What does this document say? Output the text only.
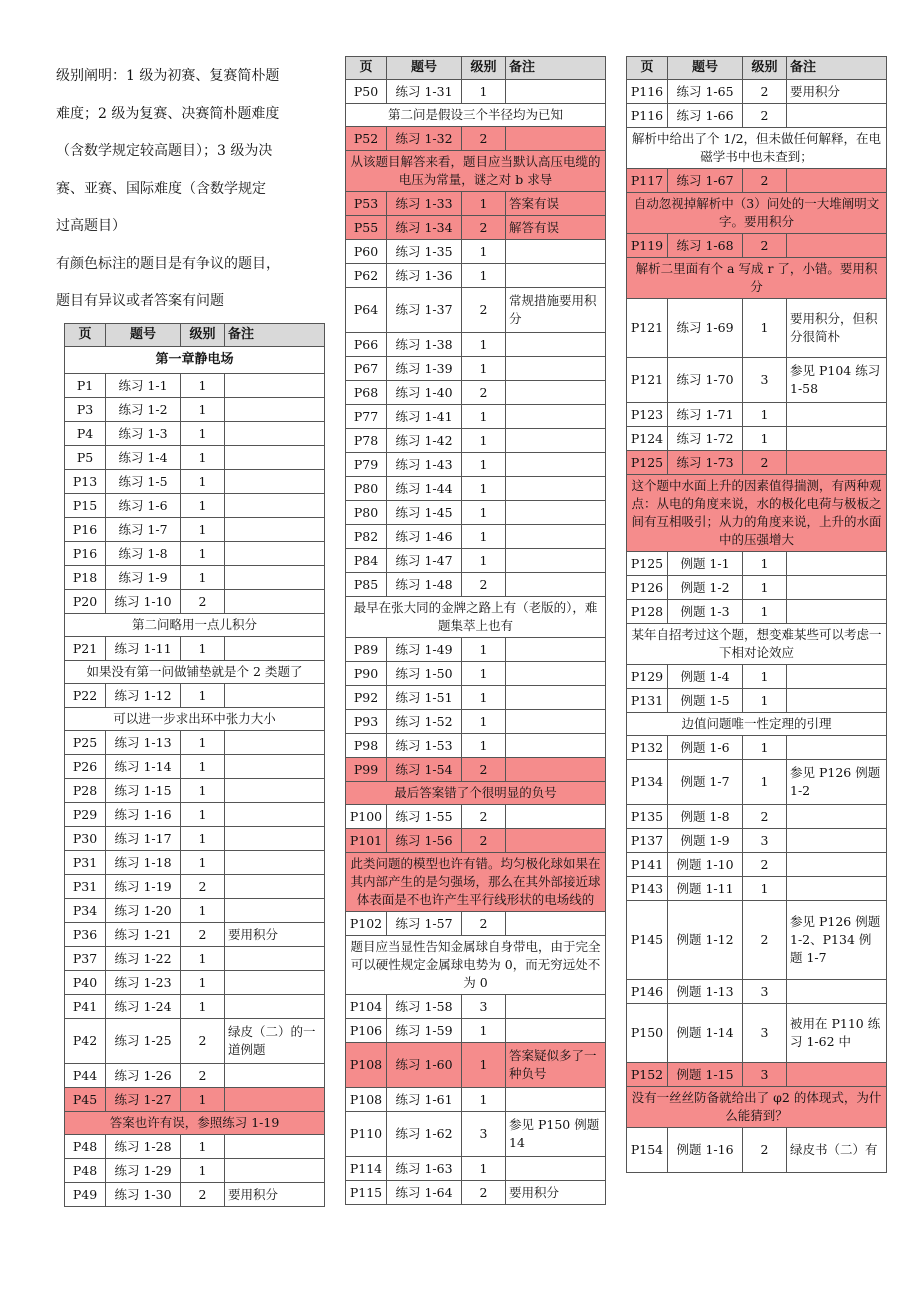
级别阐明：1 级为初赛、复赛简朴题

难度；2 级为复赛、决赛简朴题难度

（含数学规定较高题目）；3 级为决

赛、亚赛、国际难度（含数学规定

过高题目）

有颜色标注的题目是有争议的题目，

题目有异议或者答案有问题

页	题号	级别	备注
第一章静电场			
P1	练习 1-1	1	
P3	练习 1-2	1	
P4	练习 1-3	1	
P5	练习 1-4	1	
P13	练习 1-5	1	
P15	练习 1-6	1	
P16	练习 1-7	1	
P16	练习 1-8	1	
P18	练习 1-9	1	
P20	练习 1-10	2	
第二问略用一点儿积分			
P21	练习 1-11	1	
如果没有第一问做铺垫就是个 2 类题了			
P22	练习 1-12	1	
可以进一步求出环中张力大小			
P25	练习 1-13	1	
P26	练习 1-14	1	
P28	练习 1-15	1	
P29	练习 1-16	1	
P30	练习 1-17	1	
P31	练习 1-18	1	
P31	练习 1-19	2	
P34	练习 1-20	1	
P36	练习 1-21	2	要用积分
P37	练习 1-22	1	
P40	练习 1-23	1	
P41	练习 1-24	1	
P42	练习 1-25	2	绿皮（二）的一道例题
P44	练习 1-26	2	
P45	练习 1-27	1	
答案也许有误，参照练习 1-19			
P48	练习 1-28	1	
P48	练习 1-29	1	
P49	练习 1-30	2	要用积分
页	题号	级别	备注
P50	练习 1-31	1	
第二问是假设三个半径均为已知			
P52	练习 1-32	2	
从该题目解答来看，题目应当默认高压电缆的电压为常量，谜之对 b 求导			
P53	练习 1-33	1	答案有误
P55	练习 1-34	2	解答有误
P60	练习 1-35	1	
P62	练习 1-36	1	
P64	练习 1-37	2	常规措施要用积分
P66	练习 1-38	1	
P67	练习 1-39	1	
P68	练习 1-40	2	
P77	练习 1-41	1	
P78	练习 1-42	1	
P79	练习 1-43	1	
P80	练习 1-44	1	
P80	练习 1-45	1	
P82	练习 1-46	1	
P84	练习 1-47	1	
P85	练习 1-48	2	
最早在张大同的金牌之路上有（老版的），难题集萃上也有			
P89	练习 1-49	1	
P90	练习 1-50	1	
P92	练习 1-51	1	
P93	练习 1-52	1	
P98	练习 1-53	1	
P99	练习 1-54	2	
最后答案错了个很明显的负号			
P100	练习 1-55	2	
P101	练习 1-56	2	
此类问题的模型也许有错。均匀极化球如果在其内部产生的是匀强场，那么在其外部接近球体表面是不也许产生平行线形状的电场线的			
P102	练习 1-57	2	
题目应当显性告知金属球自身带电，由于完全可以硬性规定金属球电势为 0，而无穷远处不为 0			
P104	练习 1-58	3	
P106	练习 1-59	1	
P108	练习 1-60	1	答案疑似多了一种负号
P108	练习 1-61	1	
P110	练习 1-62	3	参见 P150 例题 14
P114	练习 1-63	1	
P115	练习 1-64	2	要用积分
页	题号	级别	备注
P116	练习 1-65	2	要用积分
P116	练习 1-66	2	
解析中给出了个 1/2，但未做任何解释，在电磁学书中也未查到；			
P117	练习 1-67	2	
自动忽视掉解析中（3）问处的一大堆阐明文字。要用积分			
P119	练习 1-68	2	
解析二里面有个 a 写成 r 了，小错。要用积分			
P121	练习 1-69	1	要用积分，但积分很简朴
P121	练习 1-70	3	参见 P104 练习 1-58
P123	练习 1-71	1	
P124	练习 1-72	1	
P125	练习 1-73	2	
这个题中水面上升的因素值得揣测，有两种观点：从电的角度来说，水的极化电荷与极板之间有互相吸引；从力的角度来说，上升的水面中的压强增大			
P125	例题 1-1	1	
P126	例题 1-2	1	
P128	例题 1-3	1	
某年自招考过这个题，想变难某些可以考虑一下相对论效应			
P129	例题 1-4	1	
P131	例题 1-5	1	
边值问题唯一性定理的引理			
P132	例题 1-6	1	
P134	例题 1-7	1	参见 P126 例题 1-2
P135	例题 1-8	2	
P137	例题 1-9	3	
P141	例题 1-10	2	
P143	例题 1-11	1	
P145	例题 1-12	2	参见 P126 例题 1-2、P134 例题 1-7
P146	例题 1-13	3	
P150	例题 1-14	3	被用在 P110 练习 1-62 中
P152	例题 1-15	3	
没有一丝丝防备就给出了 φ2 的体现式，为什么能猜到？			
P154	例题 1-16	2	绿皮书（二）有
